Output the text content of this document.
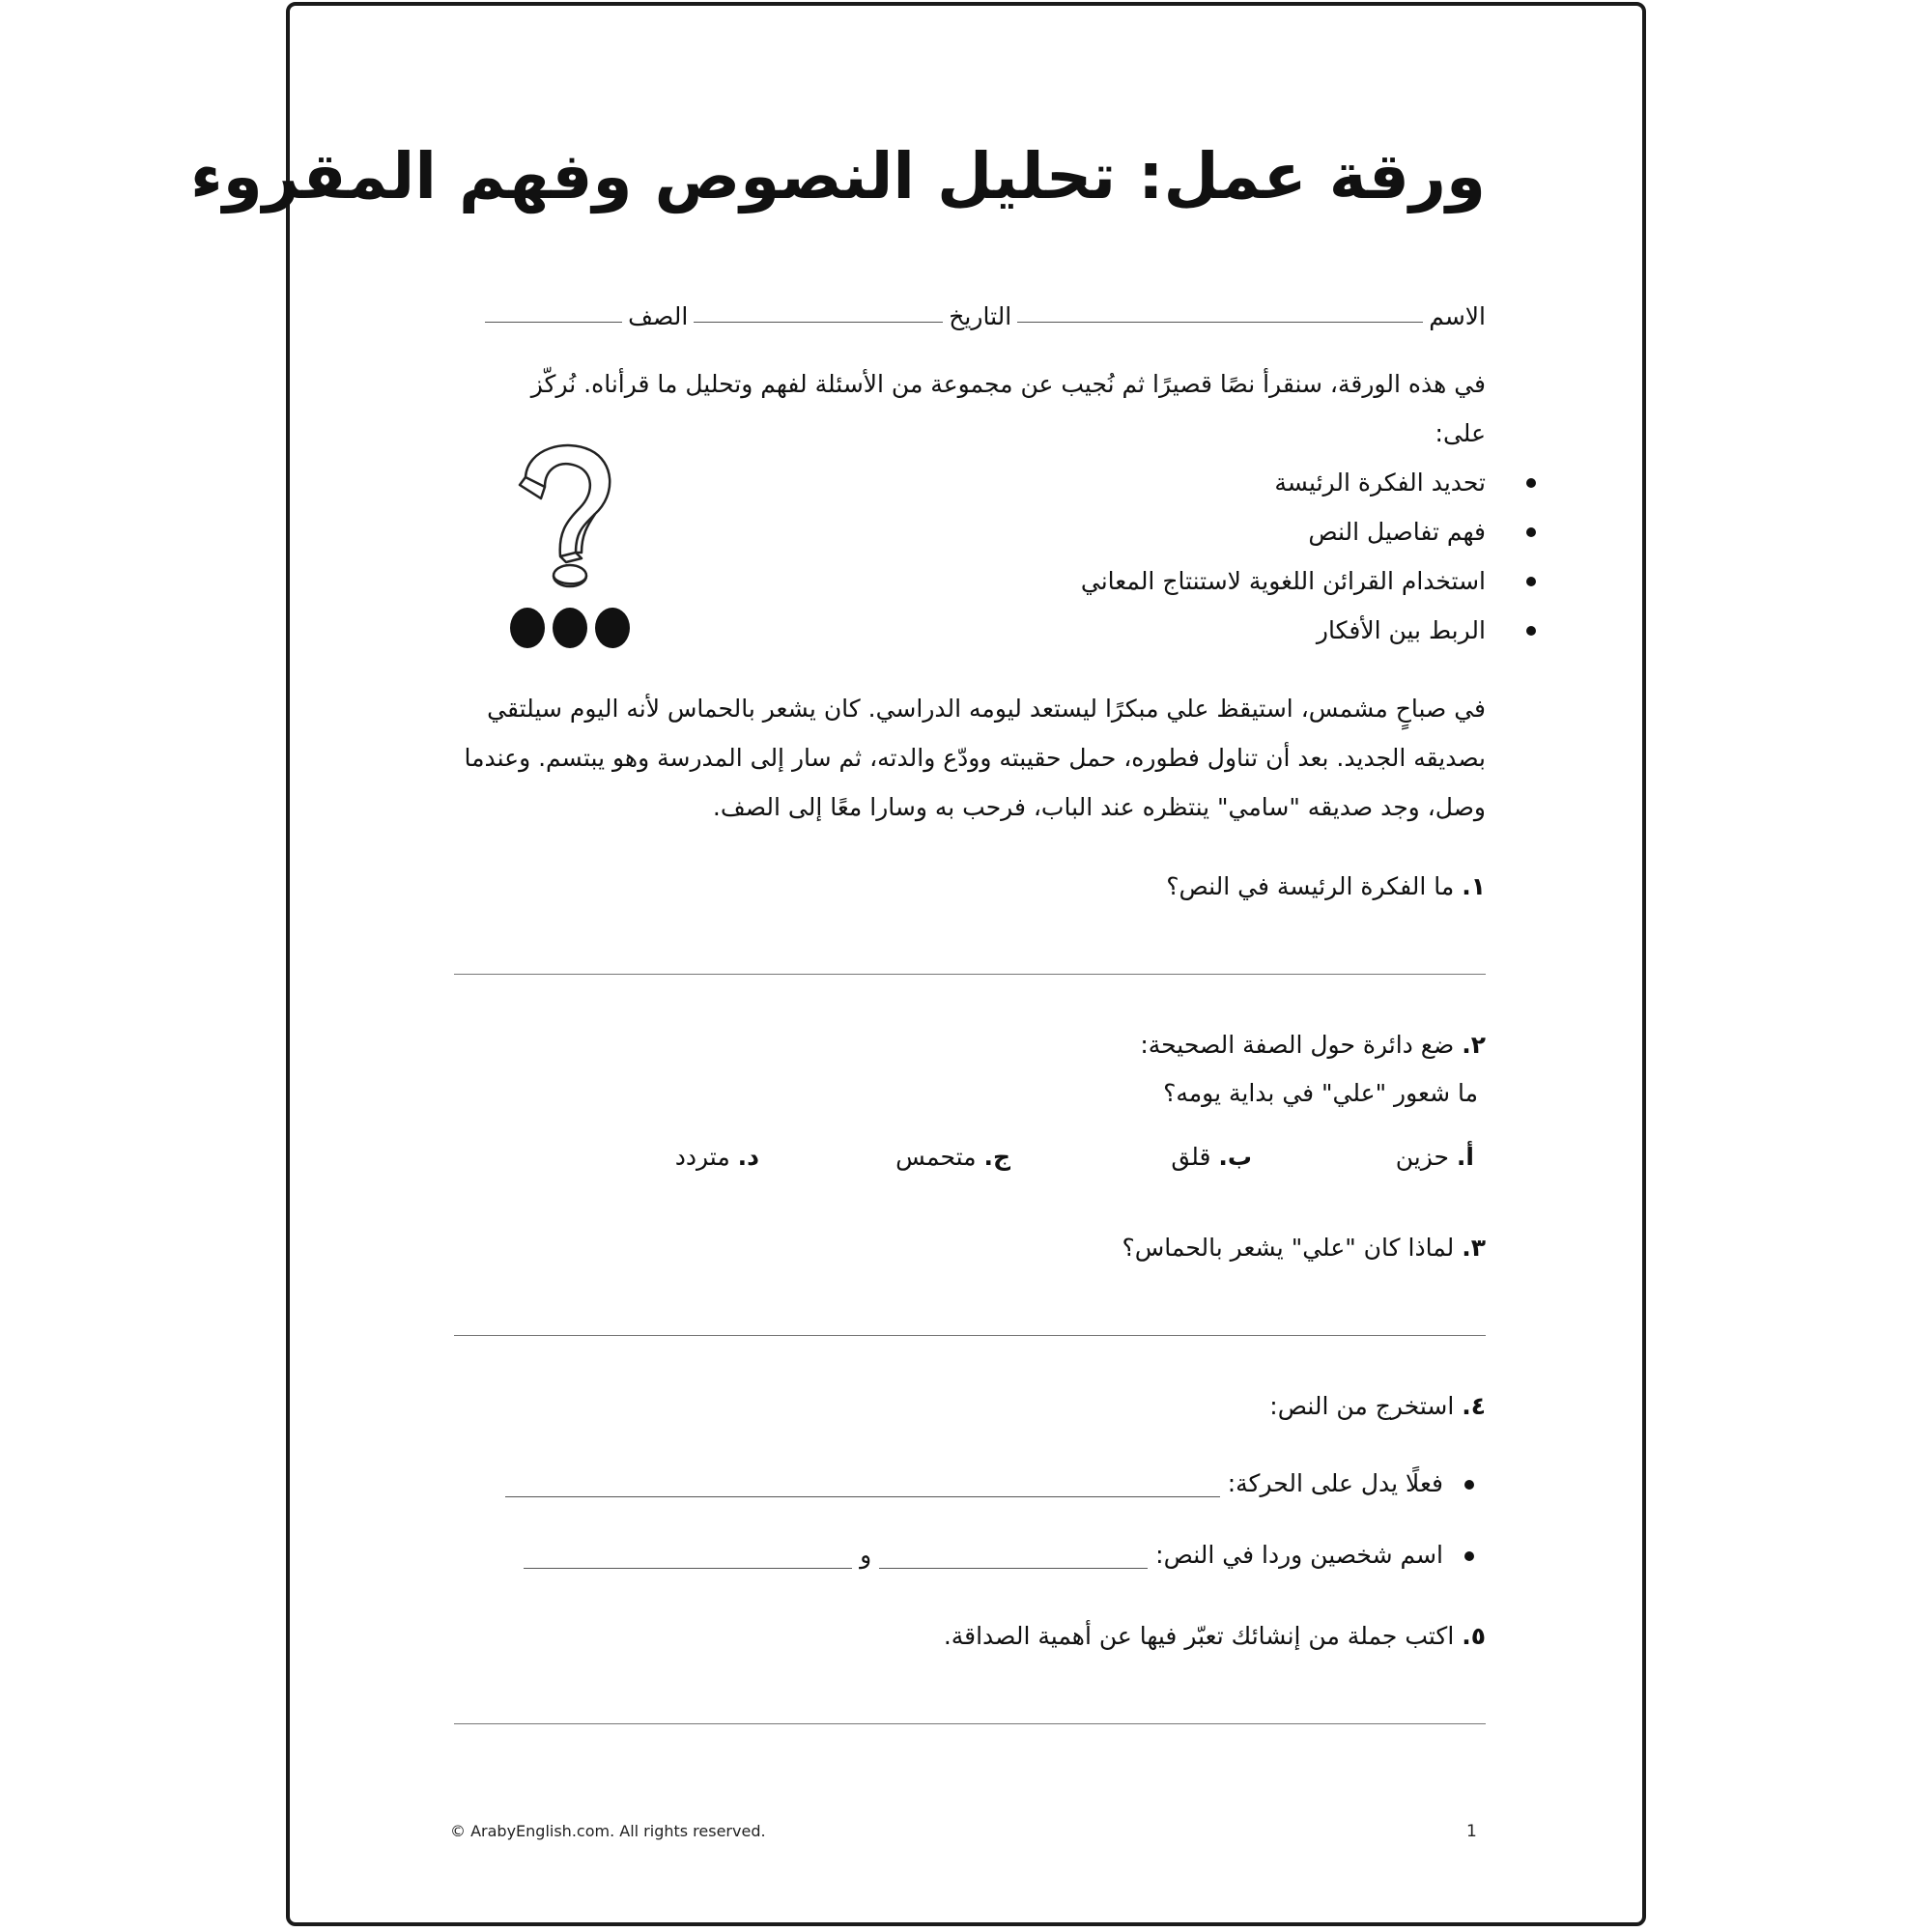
ورقة عمل: تحليل النصوص وفهم المقروء
الاسم
التاريخ
الصف

في هذه الورقة، سنقرأ نصًا قصيرًا ثم نُجيب عن مجموعة من الأسئلة لفهم وتحليل ما قرأناه. نُركّز على:

تحديد الفكرة الرئيسة
فهم تفاصيل النص
استخدام القرائن اللغوية لاستنتاج المعاني
الربط بين الأفكار

في صباحٍ مشمس، استيقظ علي مبكرًا ليستعد ليومه الدراسي. كان يشعر بالحماس لأنه اليوم سيلتقي بصديقه الجديد. بعد أن تناول فطوره، حمل حقيبته وودّع والدته، ثم سار إلى المدرسة وهو يبتسم. وعندما وصل، وجد صديقه "سامي" ينتظره عند الباب، فرحب به وسارا معًا إلى الصف.

١. ما الفكرة الرئيسة في النص؟
٢. ضع دائرة حول الصفة الصحيحة:
ما شعور "علي" في بداية يومه؟
أ. حزين
ب. قلق
ج. متحمس
د. متردد
٣. لماذا كان "علي" يشعر بالحماس؟
٤. استخرج من النص:
فعلًا يدل على الحركة:
اسم شخصين وردا في النص:
و
٥. اكتب جملة من إنشائك تعبّر فيها عن أهمية الصداقة.
© ArabyEnglish.com. All rights reserved.	1
